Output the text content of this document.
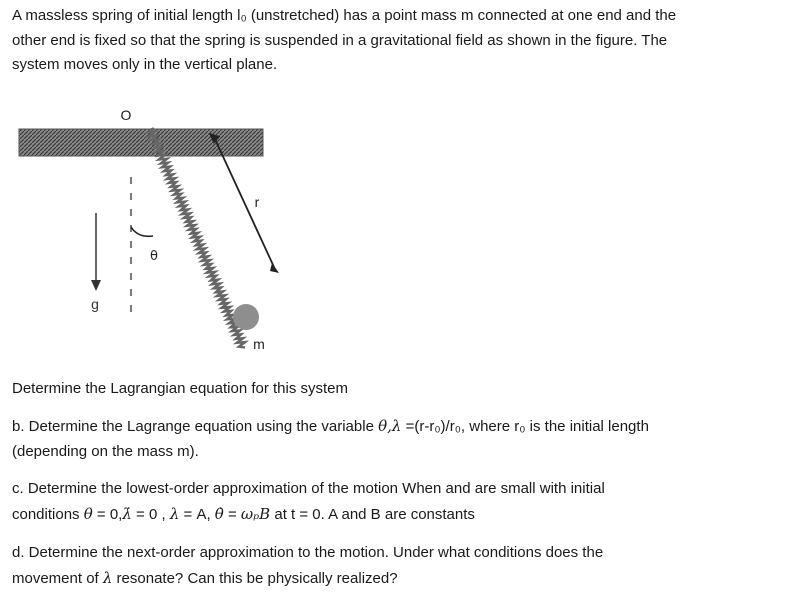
A massless spring of initial length l₀ (unstretched) has a point mass m connected at one end and the
other end is fixed so that the spring is suspended in a gravitational field as shown in the figure. The
system moves only in the vertical plane.

O
θ
g
m
r

Determine the Lagrangian equation for this system

b. Determine the Lagrange equation using the variable θ,λ =(r-r₀)/r₀, where r₀ is the initial length
(depending on the mass m).

c. Determine the lowest-order approximation of the motion When and are small with initial
conditions θ = 0,λ̇ = 0 , λ = A, θ̇ = ωₚB at t = 0. A and B are constants

d. Determine the next-order approximation to the motion. Under what conditions does the
movement of λ resonate? Can this be physically realized?
